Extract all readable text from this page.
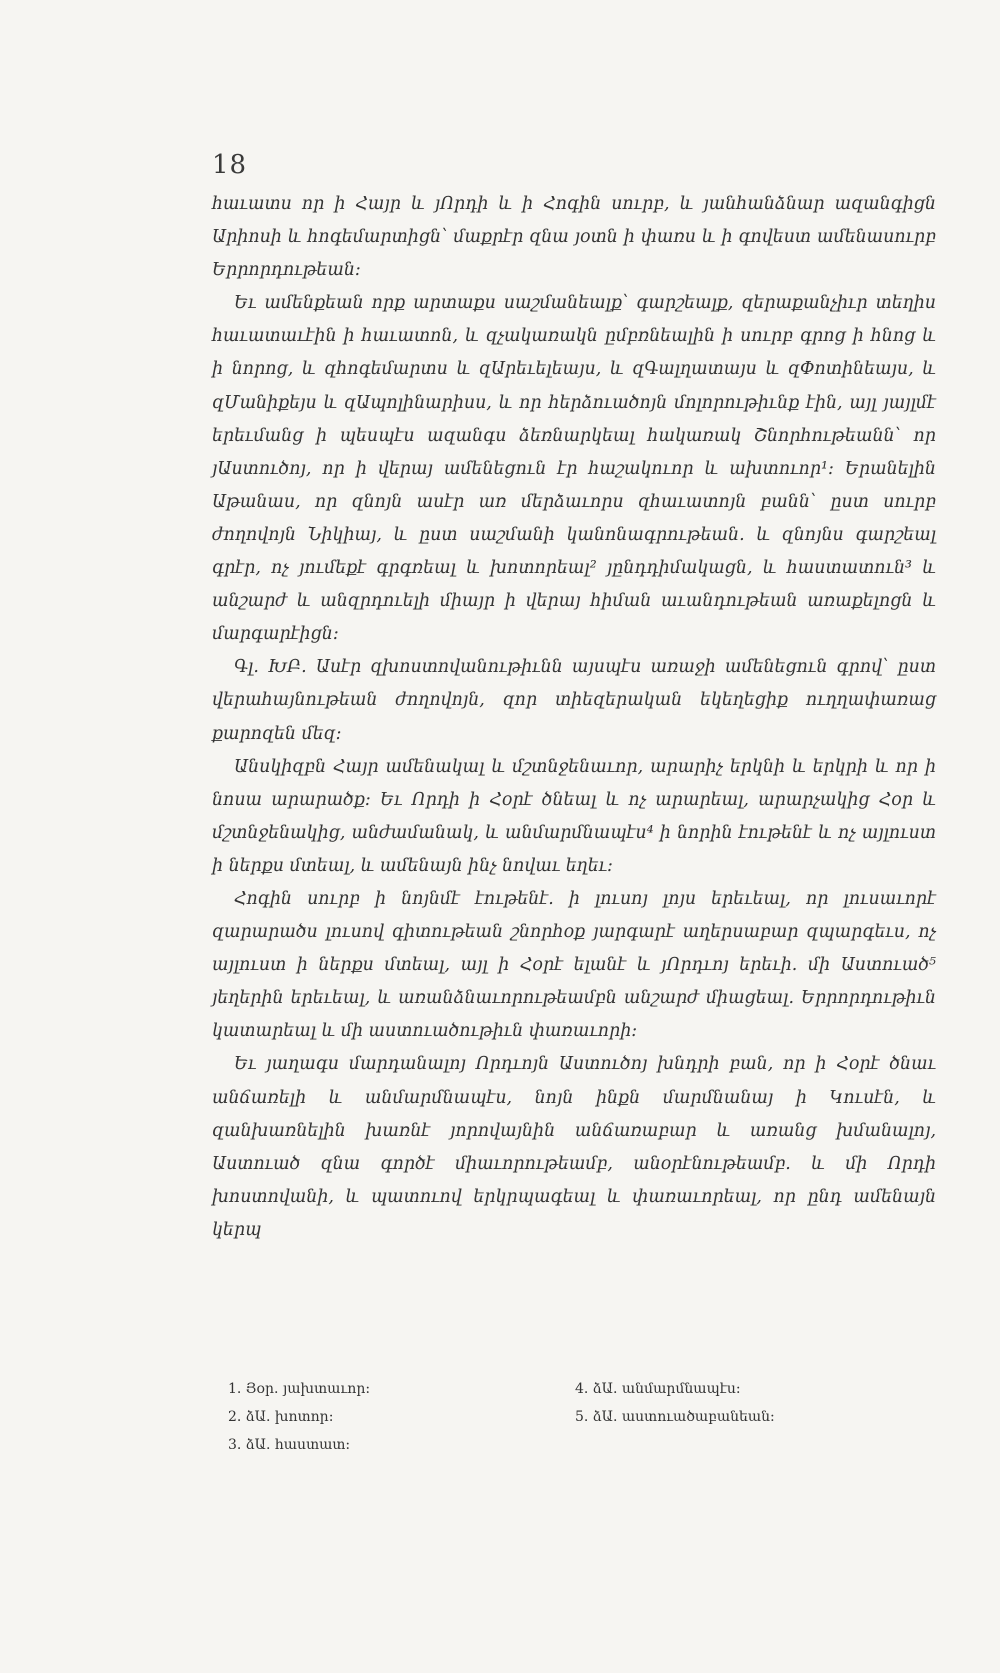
18

հաւատս որ ի Հայր և յՈրդի և ի Հոգին սուրբ, և յանհանձնար ազանգիցն Արիոսի և հոգեմարտիցն՝ մաքրէր զնա յօտն ի փառս և ի գովեստ ամենասուրբ Երրորդութեան։

Եւ ամենքեան որք արտաքս սաշմանեալք՝ գարշեալք, զերաքանչիւր տեղիս հաւատաւէին ի հաւատոն, և զչակառակն ըմբռնեալին ի սուրբ գրոց ի հնոց և ի նորոց, և զհոգեմարտս և զԱրեւելեայս, և զԳալղատայս և զՓոտինեայս, և զՄանիքեյս և զԱպոլինարիսս, և որ հերձուածոյն մոլորութիւնք էին, այլ յայլմէ երեւմանց ի պեսպէս ազանգս ձեռնարկեալ հակառակ Շնորհութեանն՝ որ յԱստուծոյ, որ ի վերայ ամենեցուն էր հաշակուոր և ախտուոր¹։ Երանելին Աթանաս, որ զնոյն ասէր առ մերձաւորս զհաւատոյն բանն՝ ըստ սուրբ ժողովոյն Նիկիայ, և ըստ սաշմանի կանոնագրութեան. և զնոյնս գարշեալ գրէր, ոչ յումեքէ գրգռեալ և խոտորեալ² յընդդիմակացն, և հաստատուն³ և անշարժ և անզրդուելի միայր ի վերայ հիման աւանդութեան առաքելոցն և մարգարէիցն։

Գլ. ԽԲ. Ասէր զխոստովանութիւնն այսպէս առաջի ամենեցուն գրով՝ ըստ վերահայնութեան ժողովոյն, զոր տիեզերական եկեղեցիք ուղղափառաց քարոզեն մեզ։

Անսկիզբն Հայր ամենակալ և մշտնջենաւոր, արարիչ երկնի և երկրի և որ ի նոսա արարածք։ Եւ Որդի ի Հօրէ ծնեալ և ոչ արարեալ, արարչակից Հօր և մշտնջենակից, անժամանակ, և անմարմնապէս⁴ ի նորին էութենէ և ոչ այլուստ ի ներքս մտեալ, և ամենայն ինչ նովաւ եղեւ։

Հոգին սուրբ ի նոյնմէ էութենէ. ի լուսոյ լոյս երեւեալ, որ լուսաւորէ զարարածս լուսով գիտութեան շնորհօք յարգարէ աղերսաբար զպարգեւս, ոչ այլուստ ի ներքս մտեալ, այլ ի Հօրէ ելանէ և յՈրդւոյ երեւի. մի Աստուած⁵ յեղերին երեւեալ, և առանձնաւորութեամբն անշարժ միացեալ. Երրորդութիւն կատարեալ և մի աստուածութիւն փառաւորի։

Եւ յաղագս մարդանալոյ Որդւոյն Աստուծոյ խնդրի բան, որ ի Հօրէ ծնաւ անճառելի և անմարմնապէս, նոյն ինքն մարմնանայ ի Կուսէն, և զանխառնելին խառնէ յորովայնին անճառաբար և առանց խմանալոյ, Աստուած զնա գործէ միաւորութեամբ, անօրէնութեամբ. և մի Որդի խոստովանի, և պատուով երկրպագեալ և փառաւորեալ, որ ընդ ամենայն կերպ

1. Յօր. յախտաւոր։
2. ձԱ. խոտոր։
3. ձԱ. հաստատ։
4. ձԱ. անմարմնապէս։
5. ձԱ. աստուածաբանեան։
